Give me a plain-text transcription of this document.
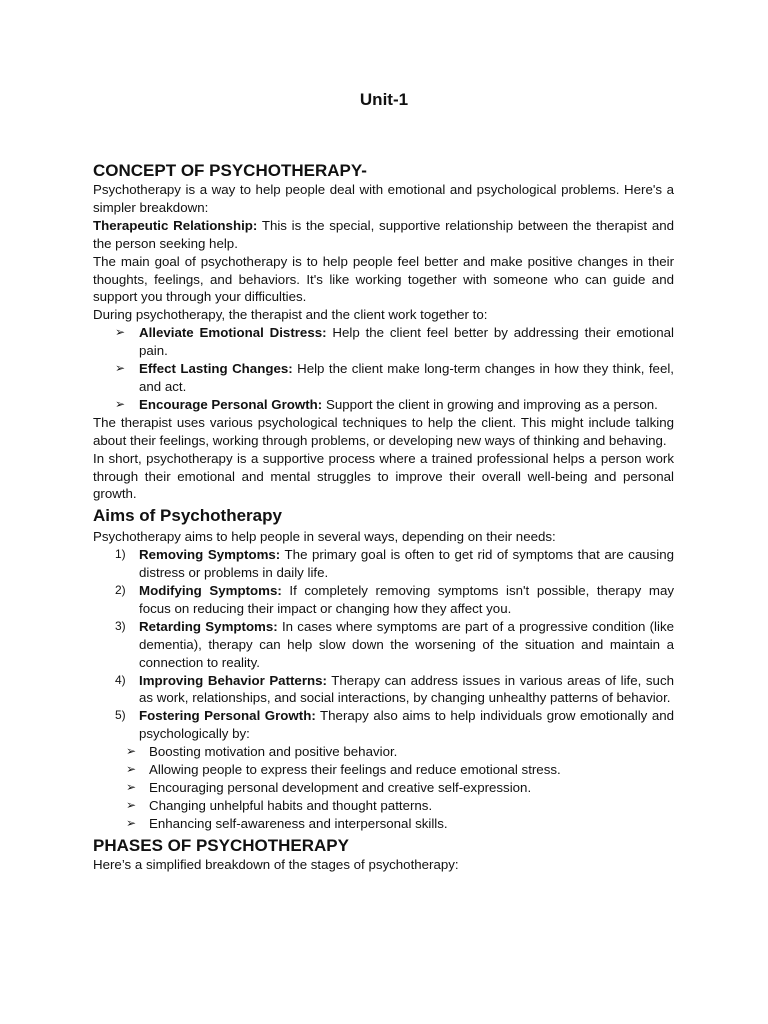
Unit-1
CONCEPT OF PSYCHOTHERAPY-

Psychotherapy is a way to help people deal with emotional and psychological problems. Here's a simpler breakdown:

Therapeutic Relationship: This is the special, supportive relationship between the therapist and the person seeking help.

The main goal of psychotherapy is to help people feel better and make positive changes in their thoughts, feelings, and behaviors. It's like working together with someone who can guide and support you through your difficulties.

During psychotherapy, the therapist and the client work together to:

➢ Alleviate Emotional Distress: Help the client feel better by addressing their emotional pain.
➢ Effect Lasting Changes: Help the client make long-term changes in how they think, feel, and act.
➢ Encourage Personal Growth: Support the client in growing and improving as a person.

The therapist uses various psychological techniques to help the client. This might include talking about their feelings, working through problems, or developing new ways of thinking and behaving.

In short, psychotherapy is a supportive process where a trained professional helps a person work through their emotional and mental struggles to improve their overall well-being and personal growth.

Aims of Psychotherapy

Psychotherapy aims to help people in several ways, depending on their needs:

1) Removing Symptoms: The primary goal is often to get rid of symptoms that are causing distress or problems in daily life.
2) Modifying Symptoms: If completely removing symptoms isn't possible, therapy may focus on reducing their impact or changing how they affect you.
3) Retarding Symptoms: In cases where symptoms are part of a progressive condition (like dementia), therapy can help slow down the worsening of the situation and maintain a connection to reality.
4) Improving Behavior Patterns: Therapy can address issues in various areas of life, such as work, relationships, and social interactions, by changing unhealthy patterns of behavior.
5) Fostering Personal Growth: Therapy also aims to help individuals grow emotionally and psychologically by:
➢ Boosting motivation and positive behavior.
➢ Allowing people to express their feelings and reduce emotional stress.
➢ Encouraging personal development and creative self-expression.
➢ Changing unhelpful habits and thought patterns.
➢ Enhancing self-awareness and interpersonal skills.
PHASES OF PSYCHOTHERAPY

Here’s a simplified breakdown of the stages of psychotherapy:
